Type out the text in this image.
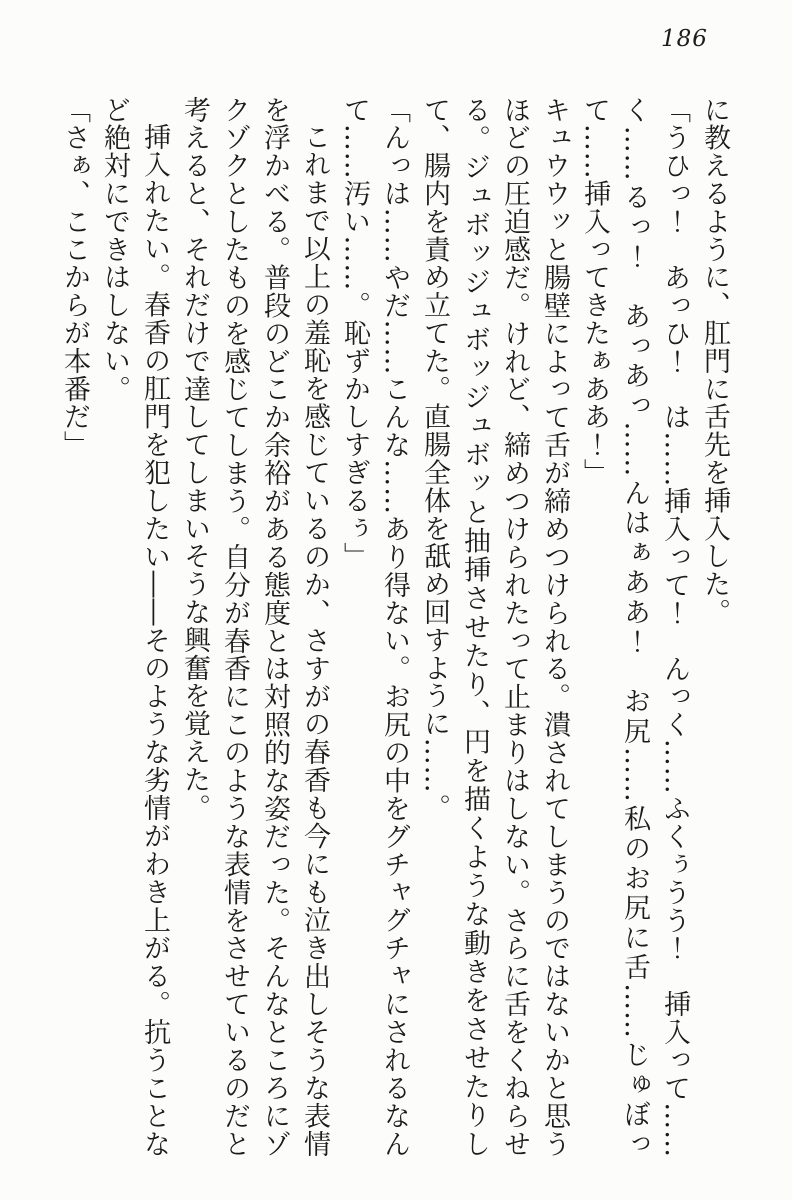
186

に教えるように、肛門に舌先を挿入した。

「うひっ！　あっひ！　は……挿入って！　んっく……ふくぅうう！　挿入って……く……るっ！　あっあっ……んはぁああ！　お尻……私のお尻に舌……じゅぼって……挿入ってきたぁああ！」

キュウウッと腸壁によって舌が締めつけられる。潰されてしまうのではないかと思うほどの圧迫感だ。けれど、締めつけられたって止まりはしない。さらに舌をくねらせる。ジュボッジュボッジュボッと抽挿させたり、円を描くような動きをさせたりして、腸内を責め立てた。直腸全体を舐め回すように……。

「んっは……やだ……こんな……あり得ない。お尻の中をグチャグチャにされるなんて……汚い……。恥ずかしすぎるぅ」

これまで以上の羞恥を感じているのか、さすがの春香も今にも泣き出しそうな表情を浮かべる。普段のどこか余裕がある態度とは対照的な姿だった。そんなところにゾクゾクとしたものを感じてしまう。自分が春香にこのような表情をさせているのだと考えると、それだけで達してしまいそうな興奮を覚えた。

挿入れたい。春香の肛門を犯したい――そのような劣情がわき上がる。抗うことなど絶対にできはしない。

「さぁ、ここからが本番だ」
